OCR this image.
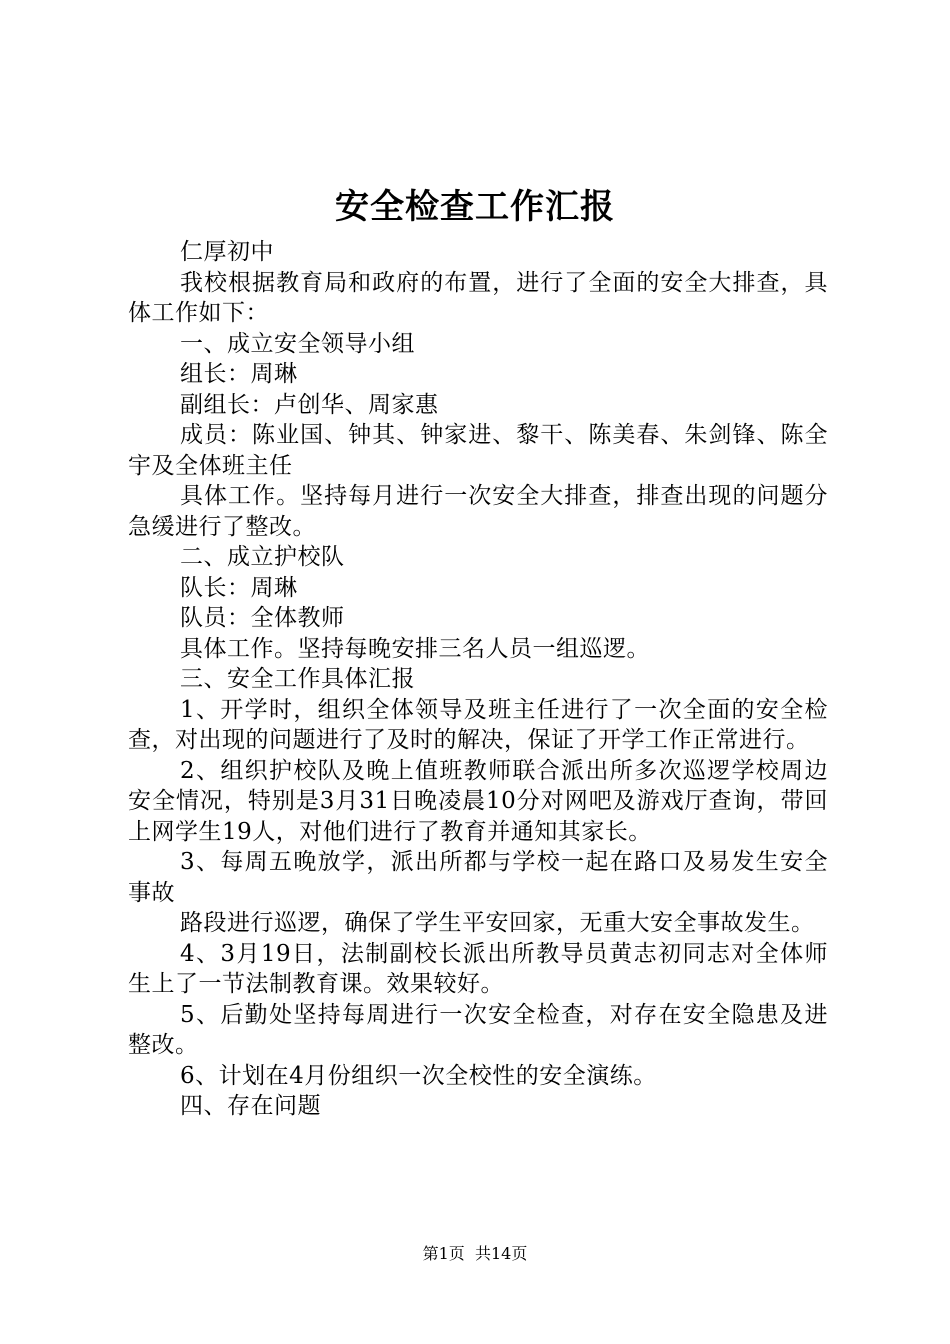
安全检查工作汇报

仁厚初中

我校根据教育局和政府的布置，进行了全面的安全大排查，具体工作如下：

一、成立安全领导小组

组长：周琳

副组长：卢创华、周家惠

成员：陈业国、钟其、钟家进、黎干、陈美春、朱剑锋、陈全宇及全体班主任

具体工作。坚持每月进行一次安全大排查，排查出现的问题分急缓进行了整改。

二、成立护校队

队长：周琳

队员：全体教师

具体工作。坚持每晚安排三名人员一组巡逻。

三、安全工作具体汇报

1、开学时，组织全体领导及班主任进行了一次全面的安全检查，对出现的问题进行了及时的解决，保证了开学工作正常进行。

2、组织护校队及晚上值班教师联合派出所多次巡逻学校周边安全情况，特别是3月31日晚凌晨10分对网吧及游戏厅查询，带回上网学生19人，对他们进行了教育并通知其家长。

3、每周五晚放学，派出所都与学校一起在路口及易发生安全事故

路段进行巡逻，确保了学生平安回家，无重大安全事故发生。

4、3月19日，法制副校长派出所教导员黄志初同志对全体师生上了一节法制教育课。效果较好。

5、后勤处坚持每周进行一次安全检查，对存在安全隐患及进整改。

6、计划在4月份组织一次全校性的安全演练。

四、存在问题

第1页 共14页
